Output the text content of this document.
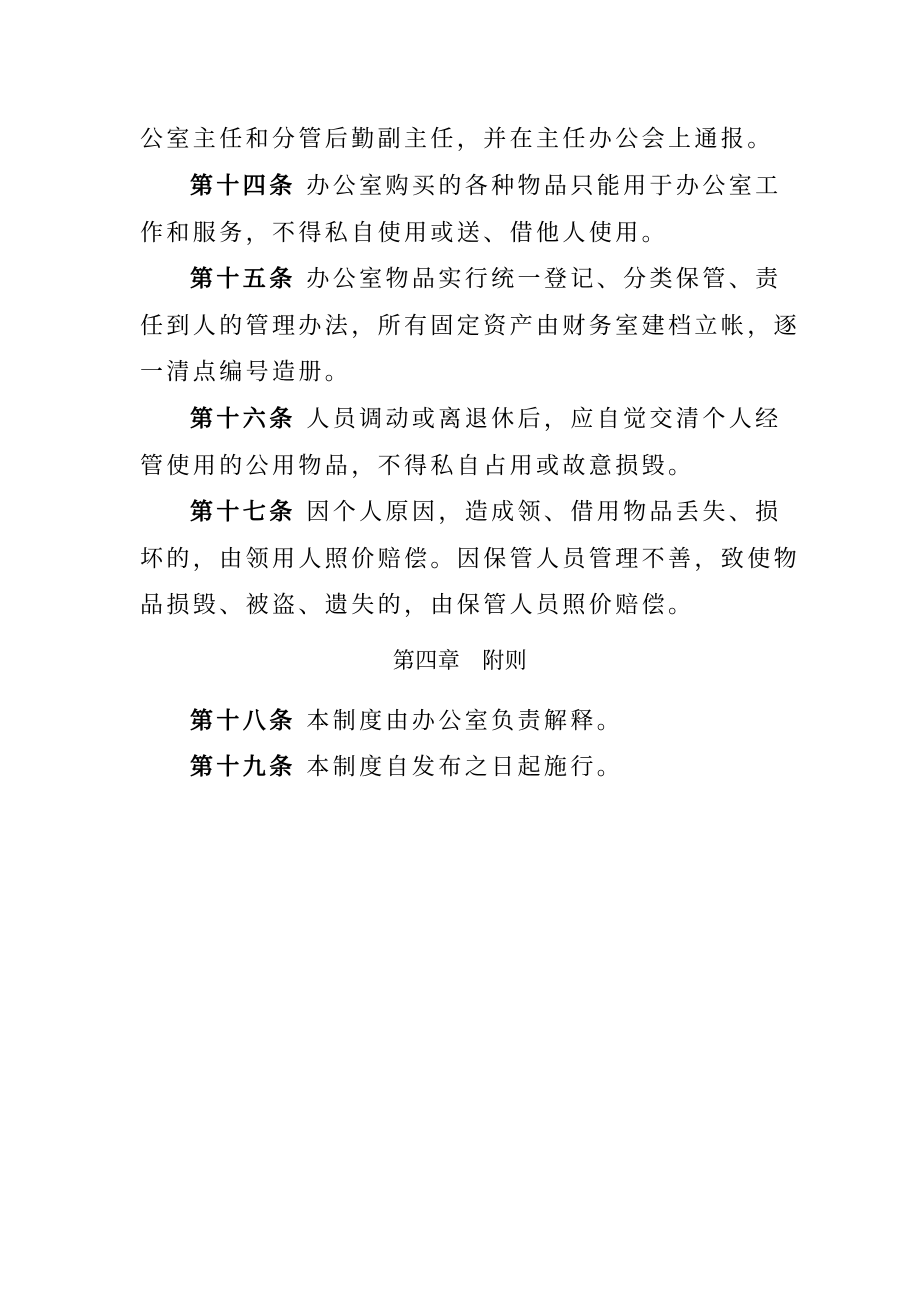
公室主任和分管后勤副主任，并在主任办公会上通报。

第十四条 办公室购买的各种物品只能用于办公室工作和服务，不得私自使用或送、借他人使用。

第十五条 办公室物品实行统一登记、分类保管、责任到人的管理办法，所有固定资产由财务室建档立帐，逐一清点编号造册。

第十六条 人员调动或离退休后，应自觉交清个人经管使用的公用物品，不得私自占用或故意损毁。

第十七条 因个人原因，造成领、借用物品丢失、损坏的，由领用人照价赔偿。因保管人员管理不善，致使物品损毁、被盗、遗失的，由保管人员照价赔偿。

第四章 附则

第十八条 本制度由办公室负责解释。

第十九条 本制度自发布之日起施行。
